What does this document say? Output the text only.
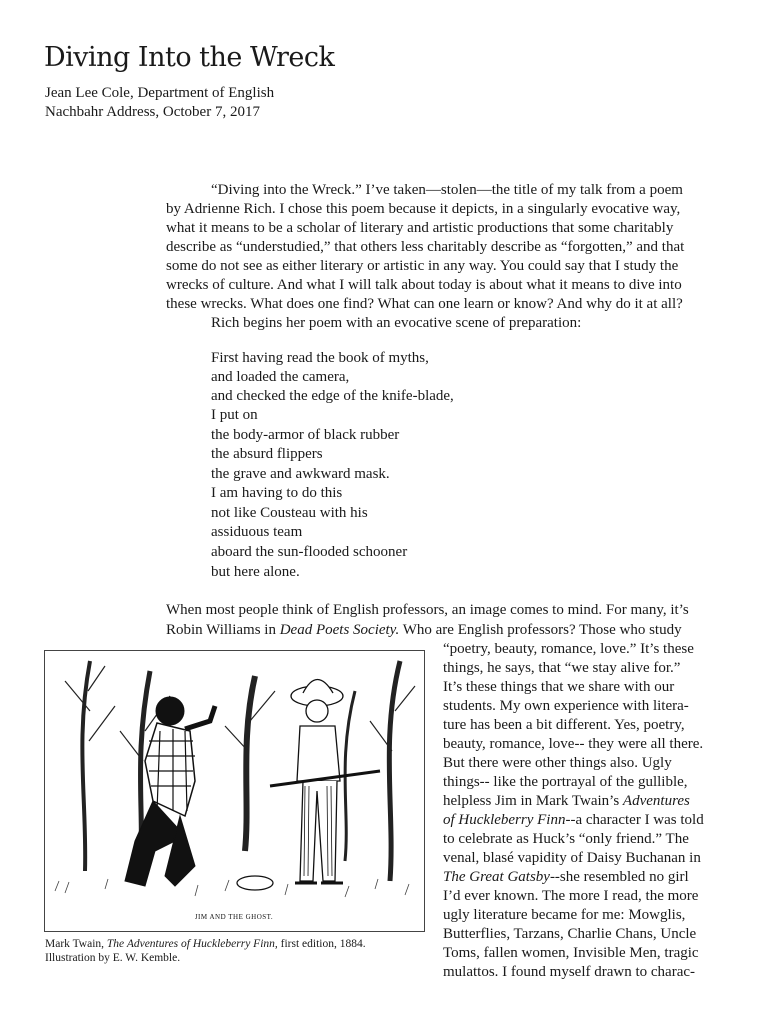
Diving Into the Wreck
Jean Lee Cole, Department of English
Nachbahr Address, October 7, 2017
“Diving into the Wreck.” I’ve taken—stolen—the title of my talk from a poem
by Adrienne Rich. I chose this poem because it depicts, in a singularly evocative way,
what it means to be a scholar of literary and artistic productions that some charitably
describe as “understudied,” that others less charitably describe as “forgotten,” and that
some do not see as either literary or artistic in any way. You could say that I study the
wrecks of culture. And what I will talk about today is about what it means to dive into
these wrecks. What does one find? What can one learn or know? And why do it at all?
Rich begins her poem with an evocative scene of preparation:
First having read the book of myths,
and loaded the camera,
and checked the edge of the knife-blade,
I put on
the body-armor of black rubber
the absurd flippers
the grave and awkward mask.
I am having to do this
not like Cousteau with his
assiduous team
aboard the sun-flooded schooner
but here alone.
When most people think of English professors, an image comes to mind. For many, it’s
Robin Williams in Dead Poets Society. Who are English professors? Those who study
“poetry, beauty, romance, love.” It’s these
things, he says, that “we stay alive for.”
It’s these things that we share with our
students. My own experience with litera-
ture has been a bit different. Yes, poetry,
beauty, romance, love-- they were all there.
But there were other things also. Ugly
things-- like the portrayal of the gullible,
helpless Jim in Mark Twain’s Adventures
of Huckleberry Finn--a character I was told
to celebrate as Huck’s “only friend.” The
venal, blasé vapidity of Daisy Buchanan in
The Great Gatsby--she resembled no girl
I’d ever known. The more I read, the more
ugly literature became for me: Mowglis,
Butterflies, Tarzans, Charlie Chans, Uncle
Toms, fallen women, Invisible Men, tragic
mulattos. I found myself drawn to charac-
JIM AND THE GHOST.
Mark Twain, The Adventures of Huckleberry Finn, first edition, 1884.
Illustration by E. W. Kemble.
